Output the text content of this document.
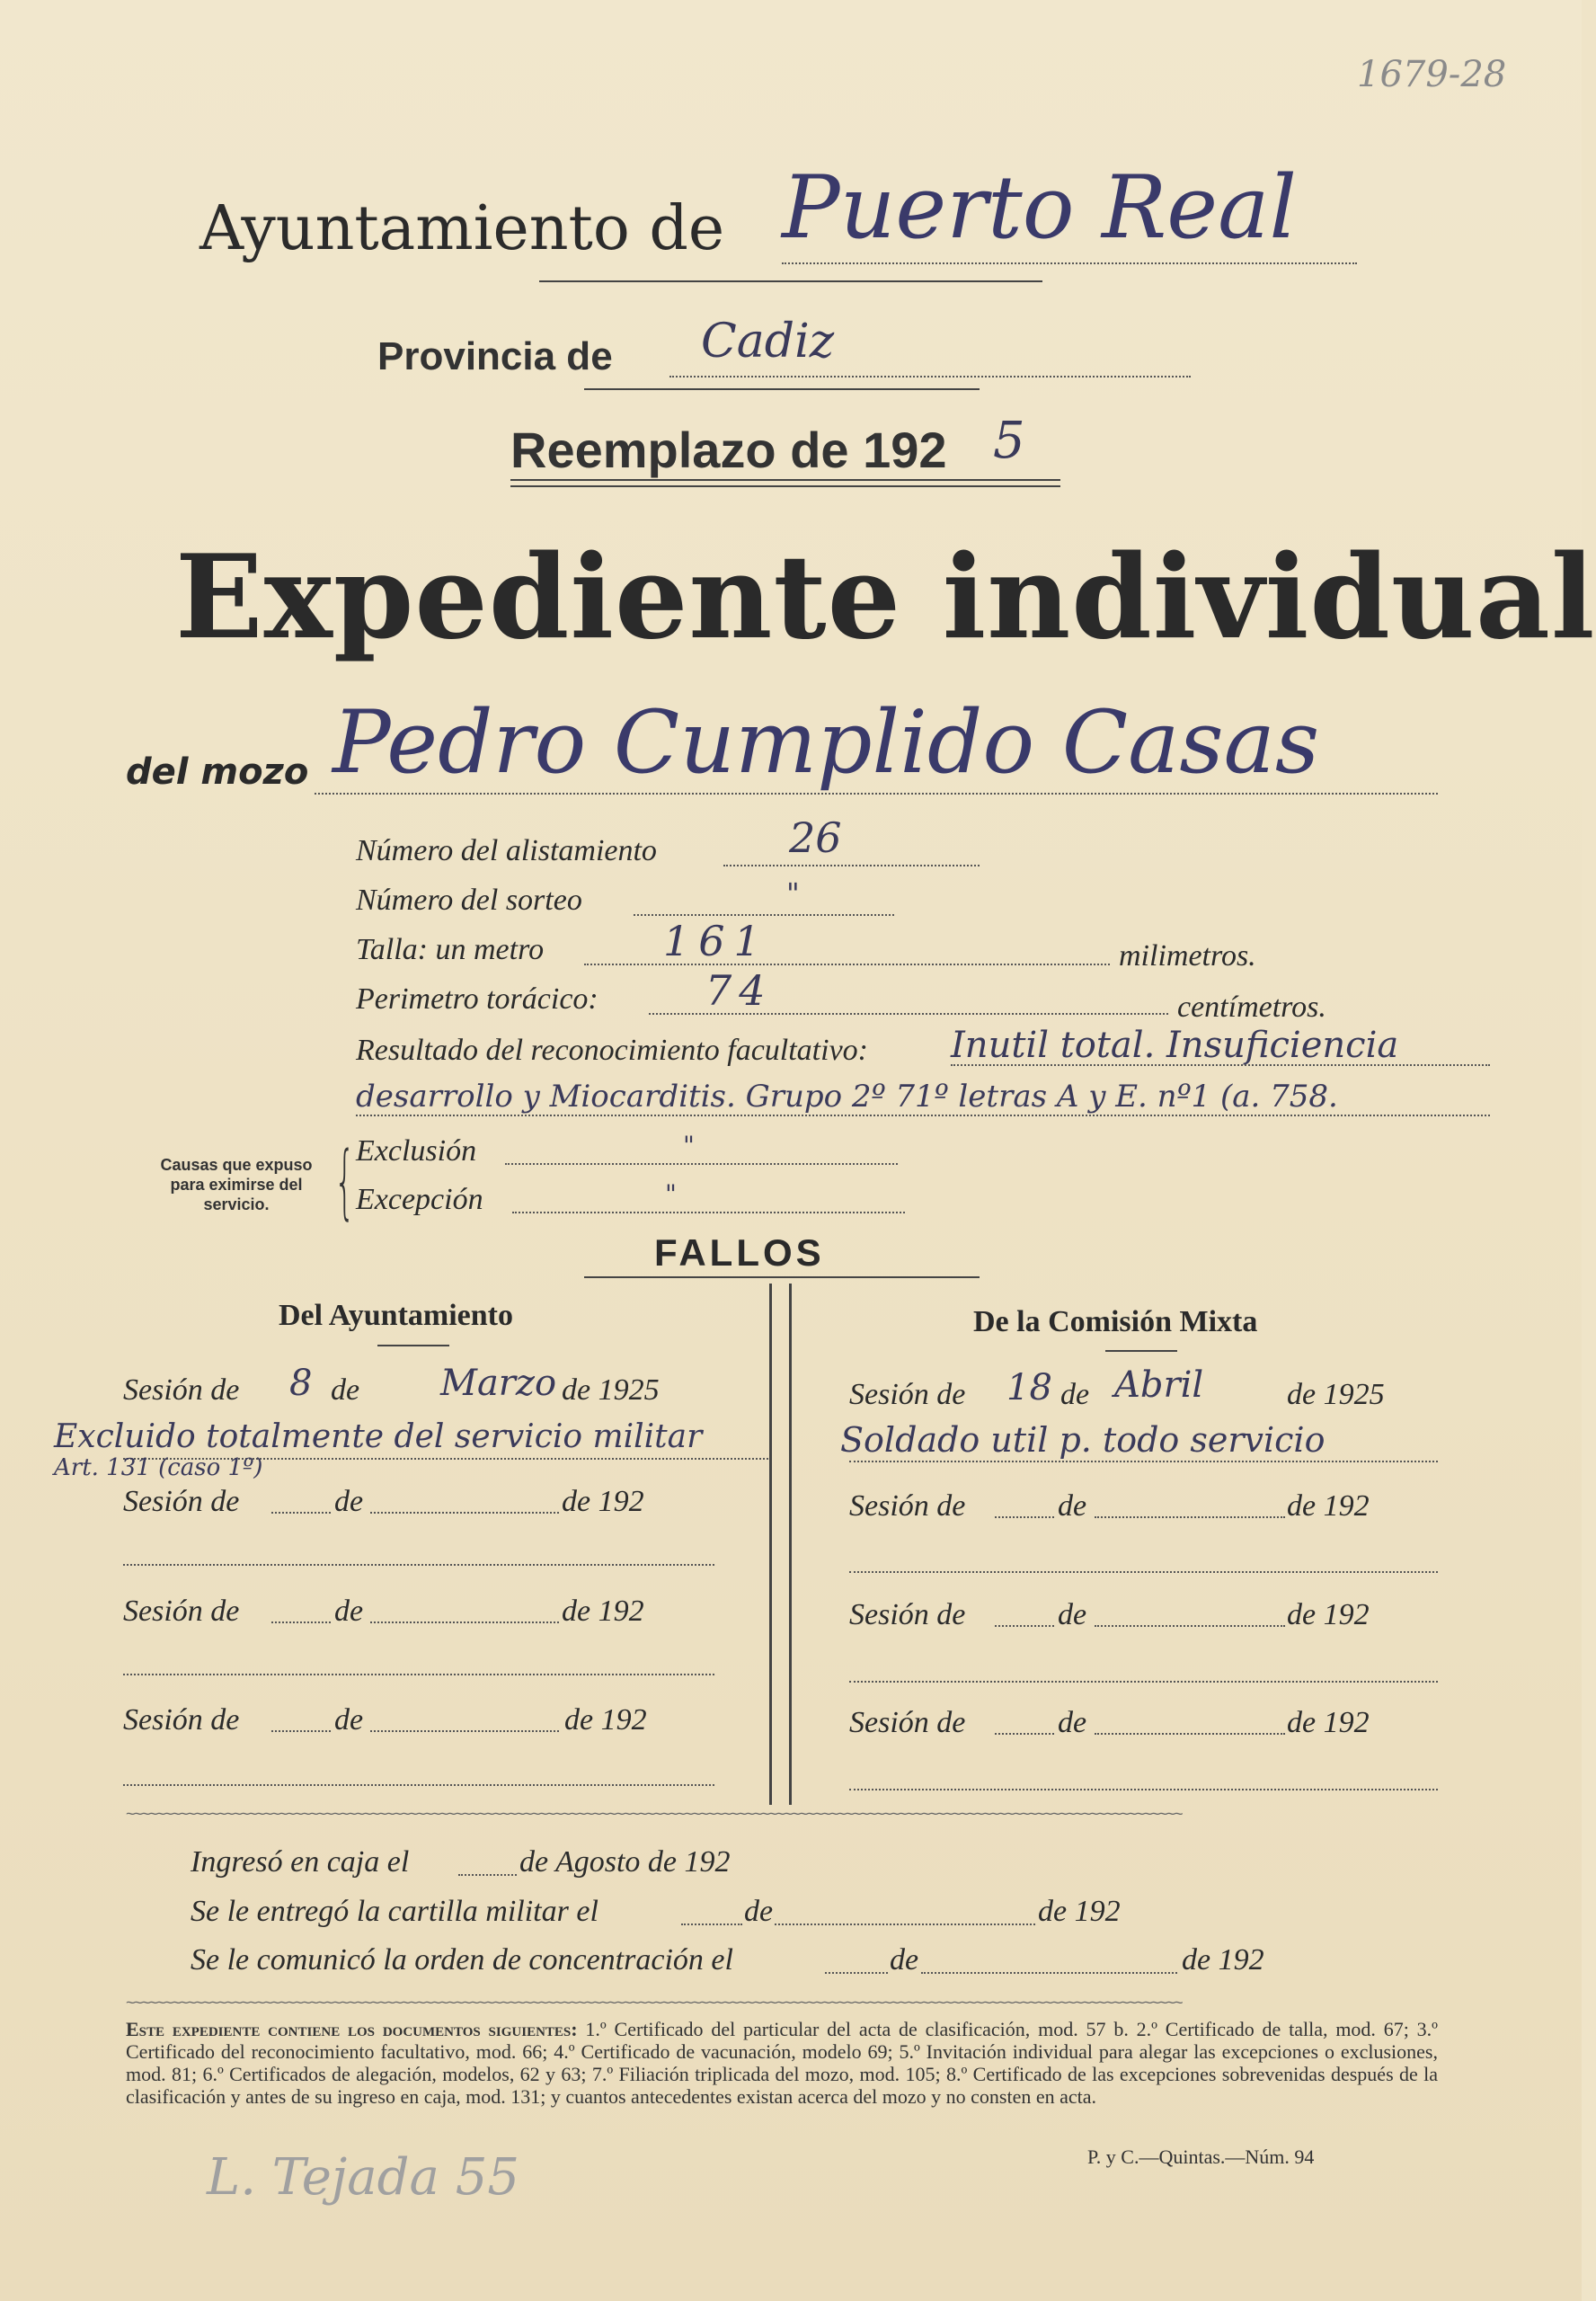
1679-28
Ayuntamiento de Puerto Real
Provincia de Cadiz
Reemplazo de 192 5
Expediente individual
del mozo Pedro Cumplido Casas
Número del alistamiento	26
Número del sorteo	"
Talla: un metro	161	milimetros.
Perimetro torácico:	74	centímetros.
Resultado del reconocimiento facultativo: Inutil total. Insuficiencia
desarrollo y Miocarditis. Grupo 2º 71º letras A y E. nº1 (a. 758.
Causas que expuso para eximirse del servicio. { Exclusión	"
Excepción	"
FALLOS
Del Ayuntamiento	De la Comisión Mixta
Sesión de 8 de Marzo de 1925
Excluido totalmente del servicio militar
Art. 131 (caso 1º)
Sesión de	de	de 192
Sesión de	de	de 192
Sesión de	de	de 192
Sesión de 18 de Abril	de 1925
Soldado util p. todo servicio
Sesión de	de	de 192
Sesión de	de	de 192
Sesión de	de	de 192
Ingresó en caja el	de Agosto de 192
Se le entregó la cartilla militar el	de	de 192
Se le comunicó la orden de concentración el	de	de 192
Este expediente contiene los documentos siguientes: 1.º Certificado del particular del acta de clasificación, mod. 57 b. 2.º Certificado de talla, mod. 67; 3.º Certificado del reconocimiento facultativo, mod. 66; 4.º Certificado de vacunación, modelo 69; 5.º Invitación individual para alegar las excepciones o exclusiones, mod. 81; 6.º Certificados de alegación, modelos, 62 y 63; 7.º Filiación triplicada del mozo, mod. 105; 8.º Certificado de las excepciones sobrevenidas después de la clasificación y antes de su ingreso en caja, mod. 131; y cuantos antecedentes existan acerca del mozo y no consten en acta.
P. y C.—Quintas.—Núm. 94
L. Tejada 55
